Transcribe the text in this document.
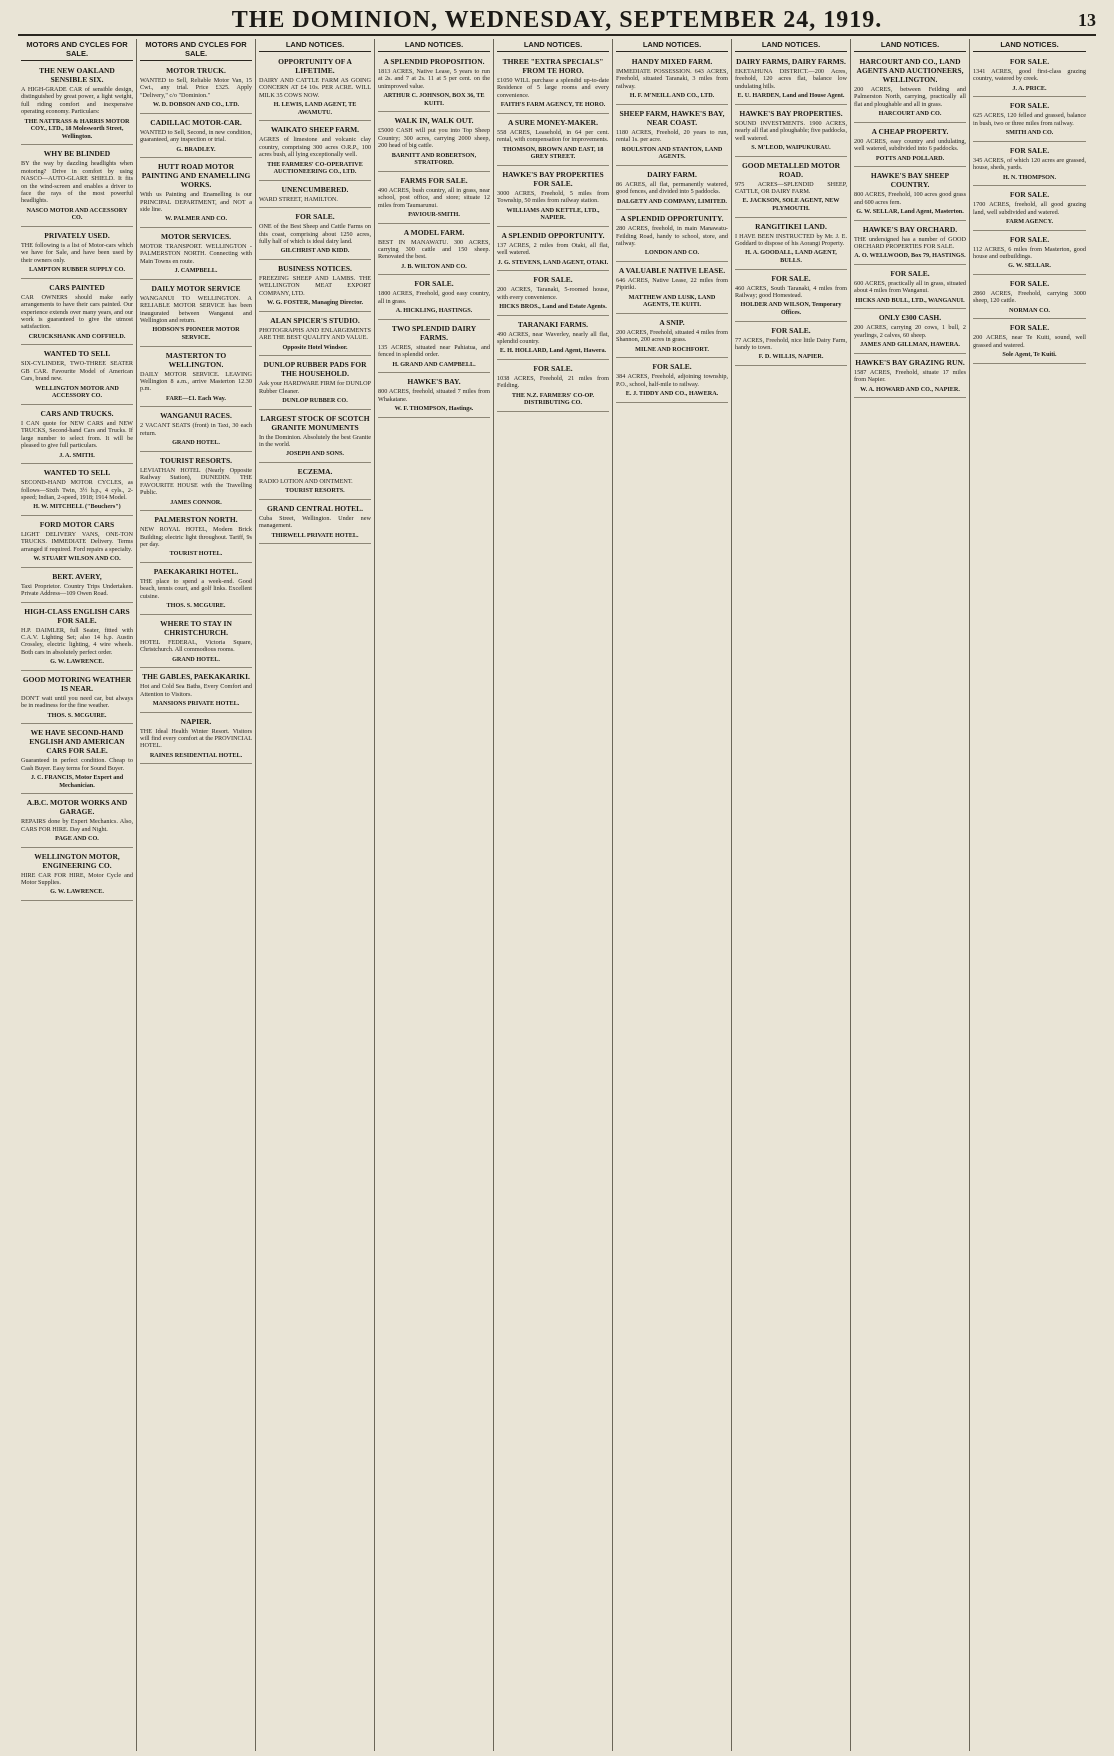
THE DOMINION, WEDNESDAY, SEPTEMBER 24, 1919.	13
MOTORS AND CYCLES FOR SALE.
THE NEW OAKLAND SENSIBLE SIX.
A HIGH-GRADE CAR of sensible design, distinguished by great power, a light weight, full riding comfort and inexpensive operating economy. Particulars:
THE NATTRASS & HARRIS MOTOR COY., LTD., 18 Molesworth Street, Wellington.
WHY BE BLINDED
BY the way by dazzling headlights when motoring? Drive in comfort by using NASCO—AUTO-GLARE SHIELD. It fits on the wind-screen and enables a driver to face the rays of the most powerful headlights.
NASCO MOTOR AND ACCESSORY CO.
PRIVATELY USED.
THE following is a list of Motor-cars which we have for Sale, and have been used by their owners only.
LAMPTON RUBBER SUPPLY CO.
CARS PAINTED
CAR OWNERS should make early arrangements to have their cars painted. Our experience extends over many years, and our work is guaranteed to give the utmost satisfaction.
CRUICKSHANK AND COFFIELD.
WANTED TO SELL
SIX-CYLINDER, TWO-THREE SEATER GB CAR. Favourite Model of American Cars, brand new.
WELLINGTON MOTOR AND ACCESSORY CO.
CARS AND TRUCKS.
I CAN quote for NEW CARS and NEW TRUCKS, Second-hand Cars and Trucks. If large number to select from. It will be pleased to give full particulars.
J. A. SMITH.
WANTED TO SELL
SECOND-HAND MOTOR CYCLES, as follows—Sixth Twin, 3½ h.p., 4 cyls., 2-speed; Indian, 2-speed, 1918; 1914 Model.
H. W. MITCHELL ("Bouchers")
FORD MOTOR CARS
LIGHT DELIVERY VANS, ONE-TON TRUCKS. IMMEDIATE Delivery. Terms arranged if required. Ford repairs a specialty.
W. STUART WILSON AND CO.
BERT. AVERY,
Taxi Proprietor. Country Trips Undertaken. Private Address—109 Owen Road.
HIGH-CLASS ENGLISH CARS FOR SALE.
H.P. DAIMLER, full Seater, fitted with C.A.V. Lighting Set; also 14 h.p. Austin Crossley, electric lighting, 4 wire wheels. Both cars in absolutely perfect order.
G. W. LAWRENCE.
GOOD MOTORING WEATHER IS NEAR.
DON'T wait until you need car, but always be in readiness for the fine weather.
THOS. S. MCGUIRE.
WE HAVE SECOND-HAND ENGLISH AND AMERICAN CARS FOR SALE.
Guaranteed in perfect condition. Cheap to Cash Buyer. Easy terms for Sound Buyer.
J. C. FRANCIS, Motor Expert and Mechanician.
A.B.C. MOTOR WORKS AND GARAGE.
REPAIRS done by Expert Mechanics. Also, CARS FOR HIRE. Day and Night.
PAGE AND CO.
WELLINGTON MOTOR, ENGINEERING CO.
HIRE CAR FOR HIRE, Motor Cycle and Motor Supplies.
G. W. LAWRENCE.
MOTORS AND CYCLES FOR SALE.
MOTOR TRUCK.
WANTED to Sell, Reliable Motor Van, 15 Cwt., any trial. Price £325. Apply "Delivery," c/o "Dominion."
W. D. DOBSON AND CO., LTD.
CADILLAC MOTOR-CAR.
WANTED to Sell, Second, in new condition, guaranteed, any inspection or trial.
G. BRADLEY.
HUTT ROAD MOTOR PAINTING AND ENAMELLING WORKS.
With us Painting and Enamelling is our PRINCIPAL DEPARTMENT, and NOT a side line.
W. PALMER AND CO.
MOTOR SERVICES.
MOTOR TRANSPORT. WELLINGTON - PALMERSTON NORTH. Connecting with Main Towns en route.
J. CAMPBELL.
DAILY MOTOR SERVICE
WANGANUI TO WELLINGTON. A RELIABLE MOTOR SERVICE has been inaugurated between Wanganui and Wellington and return.
HODSON'S PIONEER MOTOR SERVICE.
MASTERTON TO WELLINGTON.
DAILY MOTOR SERVICE. LEAVING Wellington 8 a.m., arrive Masterton 12.30 p.m.
FARE—£1. Each Way.
WANGANUI RACES.
2 VACANT SEATS (front) in Taxi, 30 each return.
GRAND HOTEL.
TOURIST RESORTS.
LEVIATHAN HOTEL (Nearly Opposite Railway Station), DUNEDIN. THE FAVOURITE HOUSE with the Travelling Public.
JAMES CONNOR.
PALMERSTON NORTH.
NEW ROYAL HOTEL, Modern Brick Building; electric light throughout. Tariff, 9s per day.
TOURIST HOTEL.
PAEKAKARIKI HOTEL.
THE place to spend a week-end. Good beach, tennis court, and golf links. Excellent cuisine.
THOS. S. MCGUIRE.
WHERE TO STAY IN CHRISTCHURCH.
HOTEL FEDERAL, Victoria Square, Christchurch. All commodious rooms.
GRAND HOTEL.
THE GABLES, PAEKAKARIKI.
Hot and Cold Sea Baths, Every Comfort and Attention to Visitors.
MANSIONS PRIVATE HOTEL.
NAPIER.
THE Ideal Health Winter Resort. Visitors will find every comfort at the PROVINCIAL HOTEL.
RAINES RESIDENTIAL HOTEL.
LAND NOTICES.
OPPORTUNITY OF A LIFETIME.
DAIRY AND CATTLE FARM AS GOING CONCERN AT £4 10s. PER ACRE. WILL MILK 35 COWS NOW.
H. LEWIS, LAND AGENT, TE AWAMUTU.
WAIKATO SHEEP FARM.
AGRES of limestone and volcanic clay country, comprising 300 acres O.R.P., 100 acres bush, all lying exceptionally well.
THE FARMERS' CO-OPERATIVE AUCTIONEERING CO., LTD.
UNENCUMBERED.
WARD STREET, HAMILTON.
FOR SALE.
ONE of the Best Sheep and Cattle Farms on this coast, comprising about 1250 acres, fully half of which is ideal dairy land.
GILCHRIST AND KIDD.
BUSINESS NOTICES.
FREEZING SHEEP AND LAMBS. THE WELLINGTON MEAT EXPORT COMPANY, LTD.
W. G. FOSTER, Managing Director.
ALAN SPICER'S STUDIO.
PHOTOGRAPHS AND ENLARGEMENTS ARE THE BEST QUALITY AND VALUE.
Opposite Hotel Windsor.
DUNLOP RUBBER PADS FOR THE HOUSEHOLD.
Ask your HARDWARE FIRM for DUNLOP Rubber Cleaner.
DUNLOP RUBBER CO.
LARGEST STOCK OF SCOTCH GRANITE MONUMENTS
In the Dominion. Absolutely the best Granite in the world.
JOSEPH AND SONS.
ECZEMA.
RADIO LOTION AND OINTMENT.
TOURIST RESORTS.
GRAND CENTRAL HOTEL.
Cuba Street, Wellington. Under new management.
THIRWELL PRIVATE HOTEL.
LAND NOTICES.
A SPLENDID PROPOSITION.
1813 ACRES, Native Lease, 5 years to run at 2s. and 7 at 2s. 11 at 5 per cent. on the unimproved value.
ARTHUR C. JOHNSON, BOX 36, TE KUITI.
WALK IN, WALK OUT.
£5000 CASH will put you into Top Sheep Country; 300 acres, carrying 2000 sheep, 200 head of big cattle.
BARNITT AND ROBERTSON, STRATFORD.
FARMS FOR SALE.
490 ACRES, bush country, all in grass, near school, post office, and store; situate 12 miles from Taumarunui.
PAVIOUR-SMITH.
A MODEL FARM.
BEST IN MANAWATU. 300 ACRES, carrying 300 cattle and 150 sheep. Renovated the best.
J. B. WILTON AND CO.
FOR SALE.
1800 ACRES, Freehold, good easy country, all in grass.
A. HICKLING, HASTINGS.
TWO SPLENDID DAIRY FARMS.
135 ACRES, situated near Pahiatua, and fenced in splendid order.
H. GRAND AND CAMPBELL.
HAWKE'S BAY.
800 ACRES, freehold, situated 7 miles from Whakatane.
W. F. THOMPSON, Hastings.
LAND NOTICES.
THREE "EXTRA SPECIALS" FROM TE HORO.
£1050 WILL purchase a splendid up-to-date Residence of 5 large rooms and every convenience.
FAITH'S FARM AGENCY, TE HORO.
A SURE MONEY-MAKER.
558 ACRES, Leasehold, in 64 per cent. rental, with compensation for improvements.
THOMSON, BROWN AND EAST, 18 GREY STREET.
HAWKE'S BAY PROPERTIES FOR SALE.
3000 ACRES, Freehold, 5 miles from Township, 50 miles from railway station.
WILLIAMS AND KETTLE, LTD., NAPIER.
A SPLENDID OPPORTUNITY.
137 ACRES, 2 miles from Otaki, all flat, well watered.
J. G. STEVENS, LAND AGENT, OTAKI.
FOR SALE.
200 ACRES, Taranaki, 5-roomed house, with every convenience.
HICKS BROS., Land and Estate Agents.
TARANAKI FARMS.
490 ACRES, near Waverley, nearly all flat, splendid country.
E. H. HOLLARD, Land Agent, Hawera.
FOR SALE.
1038 ACRES, Freehold, 21 miles from Feilding.
THE N.Z. FARMERS' CO-OP. DISTRIBUTING CO.
LAND NOTICES.
HANDY MIXED FARM.
IMMEDIATE POSSESSION. 643 ACRES, Freehold, situated Taranaki, 3 miles from railway.
H. F. M'NEILL AND CO., LTD.
SHEEP FARM, HAWKE'S BAY, NEAR COAST.
1180 ACRES, Freehold, 20 years to run, rental 1s. per acre.
ROULSTON AND STANTON, LAND AGENTS.
DAIRY FARM.
86 ACRES, all flat, permanently watered, good fences, and divided into 5 paddocks.
DALGETY AND COMPANY, LIMITED.
A SPLENDID OPPORTUNITY.
280 ACRES, freehold, in main Manawatu-Feilding Road, handy to school, store, and railway.
LONDON AND CO.
A VALUABLE NATIVE LEASE.
646 ACRES, Native Lease, 22 miles from Pipiriki.
MATTHEW AND LUSK, LAND AGENTS, TE KUITI.
A SNIP.
200 ACRES, Freehold, situated 4 miles from Shannon, 200 acres in grass.
MILNE AND ROCHFORT.
FOR SALE.
384 ACRES, Freehold, adjoining township, P.O., school, half-mile to railway.
E. J. TIDDY AND CO., HAWERA.
LAND NOTICES.
DAIRY FARMS, DAIRY FARMS.
EKETAHUNA DISTRICT.—200 Acres, freehold, 120 acres flat, balance low undulating hills.
E. U. HARDEN, Land and House Agent.
HAWKE'S BAY PROPERTIES.
SOUND INVESTMENTS. 1900 ACRES, nearly all flat and ploughable; five paddocks, well watered.
S. M'LEOD, WAIPUKURAU.
GOOD METALLED MOTOR ROAD.
975 ACRES—SPLENDID SHEEP, CATTLE, OR DAIRY FARM.
E. JACKSON, SOLE AGENT, NEW PLYMOUTH.
RANGITIKEI LAND.
I HAVE BEEN INSTRUCTED by Mr. J. E. Goddard to dispose of his Aorangi Property.
H. A. GOODALL, LAND AGENT, BULLS.
FOR SALE.
460 ACRES, South Taranaki, 4 miles from Railway; good Homestead.
HOLDER AND WILSON, Temporary Offices.
FOR SALE.
77 ACRES, Freehold, nice little Dairy Farm, handy to town.
F. D. WILLIS, NAPIER.
LAND NOTICES.
HARCOURT AND CO., LAND AGENTS AND AUCTIONEERS, WELLINGTON.
200 ACRES, between Feilding and Palmerston North, carrying, practically all flat and ploughable and all in grass.
HARCOURT AND CO.
A CHEAP PROPERTY.
200 ACRES, easy country and undulating, well watered, subdivided into 6 paddocks.
POTTS AND POLLARD.
HAWKE'S BAY SHEEP COUNTRY.
800 ACRES, Freehold, 100 acres good grass and 600 acres fern.
G. W. SELLAR, Land Agent, Masterton.
HAWKE'S BAY ORCHARD.
THE undersigned has a number of GOOD ORCHARD PROPERTIES FOR SALE.
A. O. WELLWOOD, Box 79, HASTINGS.
FOR SALE.
600 ACRES, practically all in grass, situated about 4 miles from Wanganui.
HICKS AND BULL, LTD., WANGANUI.
ONLY £300 CASH.
200 ACRES, carrying 20 cows, 1 bull, 2 yearlings, 2 calves, 60 sheep.
JAMES AND GILLMAN, HAWERA.
HAWKE'S BAY GRAZING RUN.
1587 ACRES, Freehold, situate 17 miles from Napier.
W. A. HOWARD AND CO., NAPIER.
LAND NOTICES.
FOR SALE.
1341 ACRES, good first-class grazing country, watered by creek.
J. A. PRICE.
FOR SALE.
625 ACRES, 120 felled and grassed, balance in bush, two or three miles from railway.
SMITH AND CO.
FOR SALE.
345 ACRES, of which 120 acres are grassed, house, sheds, yards.
H. N. THOMPSON.
FOR SALE.
1700 ACRES, freehold, all good grazing land, well subdivided and watered.
FARM AGENCY.
FOR SALE.
112 ACRES, 6 miles from Masterton, good house and outbuildings.
G. W. SELLAR.
FOR SALE.
2860 ACRES, Freehold, carrying 3000 sheep, 120 cattle.
NORMAN CO.
FOR SALE.
200 ACRES, near Te Kuiti, sound, well grassed and watered.
Sole Agent, Te Kuiti.
